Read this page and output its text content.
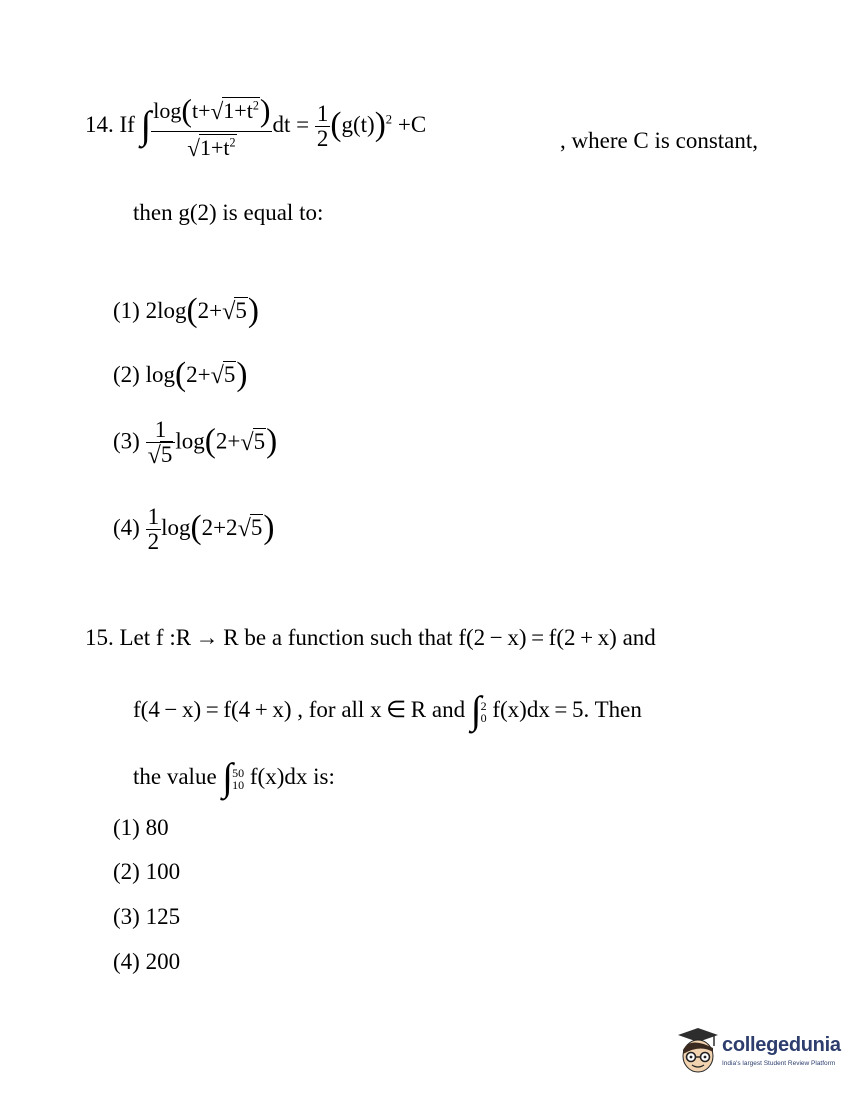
14. If ∫ $\frac{\log(t+√1+t^2)}{√1+t^2}$ dt = $\frac{1}{2} (g(t))^2 +C$
, where C is constant,
then g(2) is equal to:
(1) 2log(2+√5)
(2) log(2+√5)
$(3) \frac{1}{√5} \log(2+√5)$
$(4) \frac{1}{2} \log(2+2√5)$
15. Let f :R → R be a function such that f(2 − x) = f(2 + x) and
f(4 − x) = f(4 + x) , for all x ∈ R and ∫ 2
0 f(x)dx = 5. Then
the value ∫ 50
10 f(x)dx is:
(1) 80
(2) 100
(3) 125
(4) 200
collegedunia
India's largest Student Review Platform
